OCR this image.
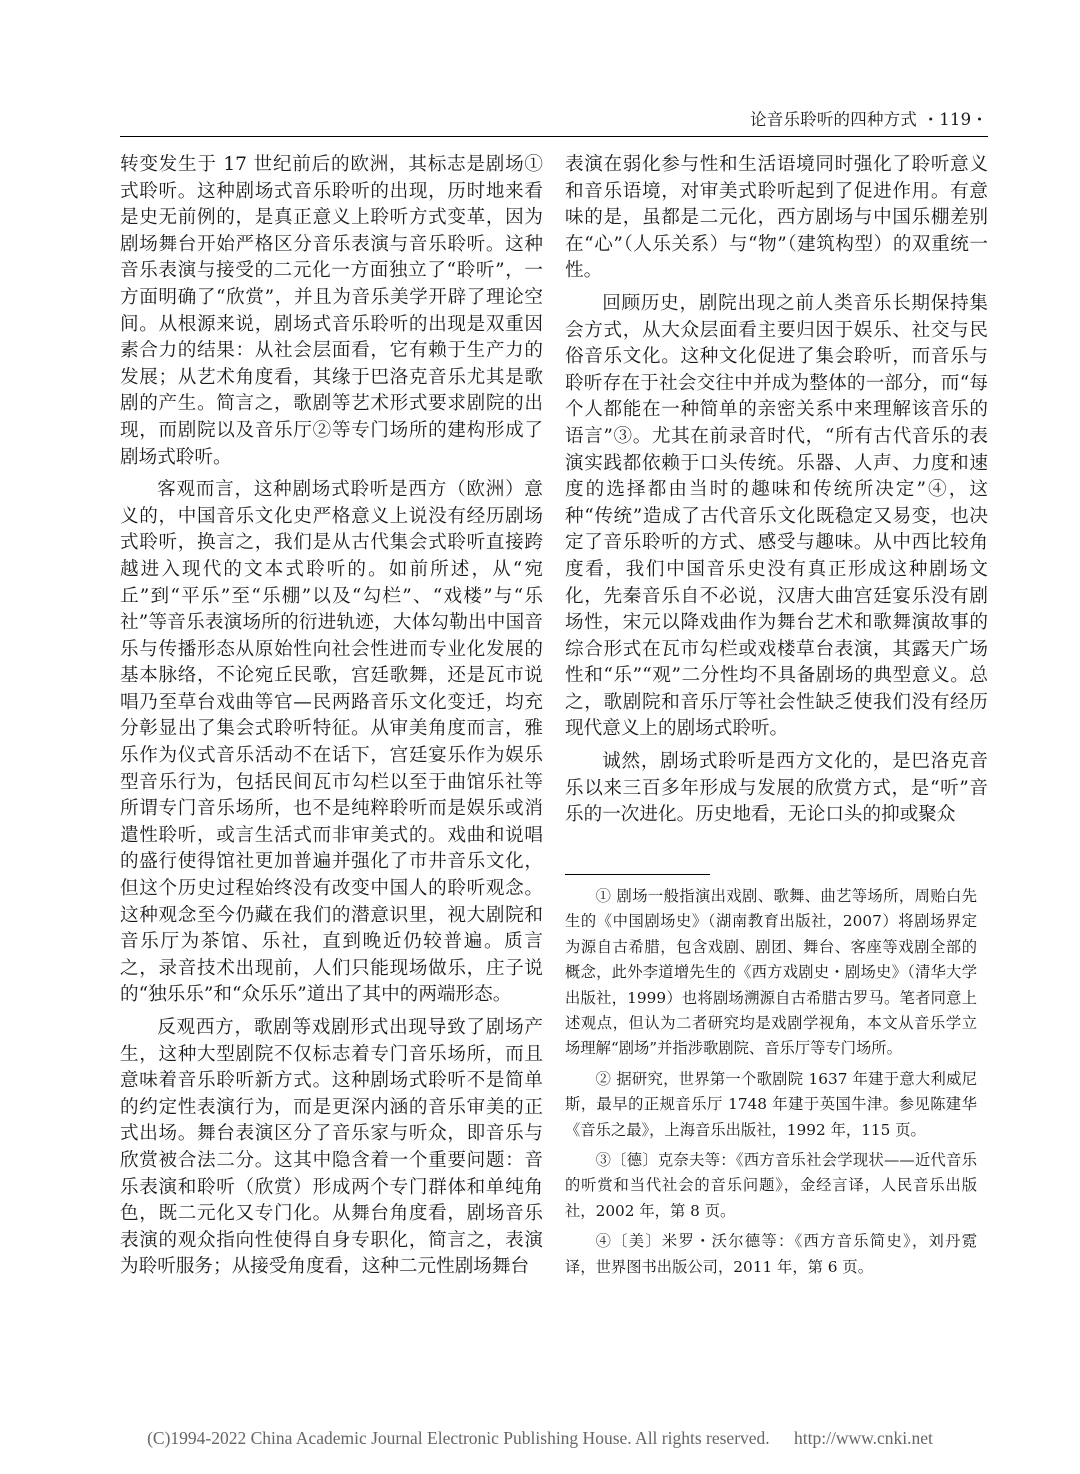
论音乐聆听的四种方式 ・119・

转变发生于 17 世纪前后的欧洲，其标志是剧场①式聆听。这种剧场式音乐聆听的出现，历时地来看是史无前例的，是真正意义上聆听方式变革，因为剧场舞台开始严格区分音乐表演与音乐聆听。这种音乐表演与接受的二元化一方面独立了“聆听”，一方面明确了“欣赏”，并且为音乐美学开辟了理论空间。从根源来说，剧场式音乐聆听的出现是双重因素合力的结果：从社会层面看，它有赖于生产力的发展；从艺术角度看，其缘于巴洛克音乐尤其是歌剧的产生。简言之，歌剧等艺术形式要求剧院的出现，而剧院以及音乐厅②等专门场所的建构形成了剧场式聆听。

客观而言，这种剧场式聆听是西方（欧洲）意义的，中国音乐文化史严格意义上说没有经历剧场式聆听，换言之，我们是从古代集会式聆听直接跨越进入现代的文本式聆听的。如前所述，从“宛丘”到“平乐”至“乐棚”以及“勾栏”、“戏楼”与“乐社”等音乐表演场所的衍进轨迹，大体勾勒出中国音乐与传播形态从原始性向社会性进而专业化发展的基本脉络，不论宛丘民歌，宫廷歌舞，还是瓦市说唱乃至草台戏曲等官—民两路音乐文化变迁，均充分彰显出了集会式聆听特征。从审美角度而言，雅乐作为仪式音乐活动不在话下，宫廷宴乐作为娱乐型音乐行为，包括民间瓦市勾栏以至于曲馆乐社等所谓专门音乐场所，也不是纯粹聆听而是娱乐或消遣性聆听，或言生活式而非审美式的。戏曲和说唱的盛行使得馆社更加普遍并强化了市井音乐文化，但这个历史过程始终没有改变中国人的聆听观念。这种观念至今仍藏在我们的潜意识里，视大剧院和音乐厅为茶馆、乐社，直到晚近仍较普遍。质言之，录音技术出现前，人们只能现场做乐，庄子说的“独乐乐”和“众乐乐”道出了其中的两端形态。

反观西方，歌剧等戏剧形式出现导致了剧场产生，这种大型剧院不仅标志着专门音乐场所，而且意味着音乐聆听新方式。这种剧场式聆听不是简单的约定性表演行为，而是更深内涵的音乐审美的正式出场。舞台表演区分了音乐家与听众，即音乐与欣赏被合法二分。这其中隐含着一个重要问题：音乐表演和聆听（欣赏）形成两个专门群体和单纯角色，既二元化又专门化。从舞台角度看，剧场音乐表演的观众指向性使得自身专职化，简言之，表演为聆听服务；从接受角度看，这种二元性剧场舞台

表演在弱化参与性和生活语境同时强化了聆听意义和音乐语境，对审美式聆听起到了促进作用。有意味的是，虽都是二元化，西方剧场与中国乐棚差别在“心”（人乐关系）与“物”（建筑构型）的双重统一性。

回顾历史，剧院出现之前人类音乐长期保持集会方式，从大众层面看主要归因于娱乐、社交与民俗音乐文化。这种文化促进了集会聆听，而音乐与聆听存在于社会交往中并成为整体的一部分，而“每个人都能在一种简单的亲密关系中来理解该音乐的语言”③。尤其在前录音时代，“所有古代音乐的表演实践都依赖于口头传统。乐器、人声、力度和速度的选择都由当时的趣味和传统所决定”④，这种“传统”造成了古代音乐文化既稳定又易变，也决定了音乐聆听的方式、感受与趣味。从中西比较角度看，我们中国音乐史没有真正形成这种剧场文化，先秦音乐自不必说，汉唐大曲宫廷宴乐没有剧场性，宋元以降戏曲作为舞台艺术和歌舞演故事的综合形式在瓦市勾栏或戏楼草台表演，其露天广场性和“乐”“观”二分性均不具备剧场的典型意义。总之，歌剧院和音乐厅等社会性缺乏使我们没有经历现代意义上的剧场式聆听。

诚然，剧场式聆听是西方文化的，是巴洛克音乐以来三百多年形成与发展的欣赏方式，是“听”音乐的一次进化。历史地看，无论口头的抑或聚众

① 剧场一般指演出戏剧、歌舞、曲艺等场所，周贻白先生的《中国剧场史》（湖南教育出版社，2007）将剧场界定为源自古希腊，包含戏剧、剧团、舞台、客座等戏剧全部的概念，此外李道增先生的《西方戏剧史・剧场史》（清华大学出版社，1999）也将剧场溯源自古希腊古罗马。笔者同意上述观点，但认为二者研究均是戏剧学视角，本文从音乐学立场理解“剧场”并指涉歌剧院、音乐厅等专门场所。

② 据研究，世界第一个歌剧院 1637 年建于意大利威尼斯，最早的正规音乐厅 1748 年建于英国牛津。参见陈建华《音乐之最》，上海音乐出版社，1992 年，115 页。

③〔德〕克奈夫等：《西方音乐社会学现状——近代音乐的听赏和当代社会的音乐问题》，金经言译，人民音乐出版社，2002 年，第 8 页。

④〔美〕米罗・沃尔德等：《西方音乐简史》，刘丹霓译，世界图书出版公司，2011 年，第 6 页。

(C)1994-2022 China Academic Journal Electronic Publishing House. All rights reserved. http://www.cnki.net
